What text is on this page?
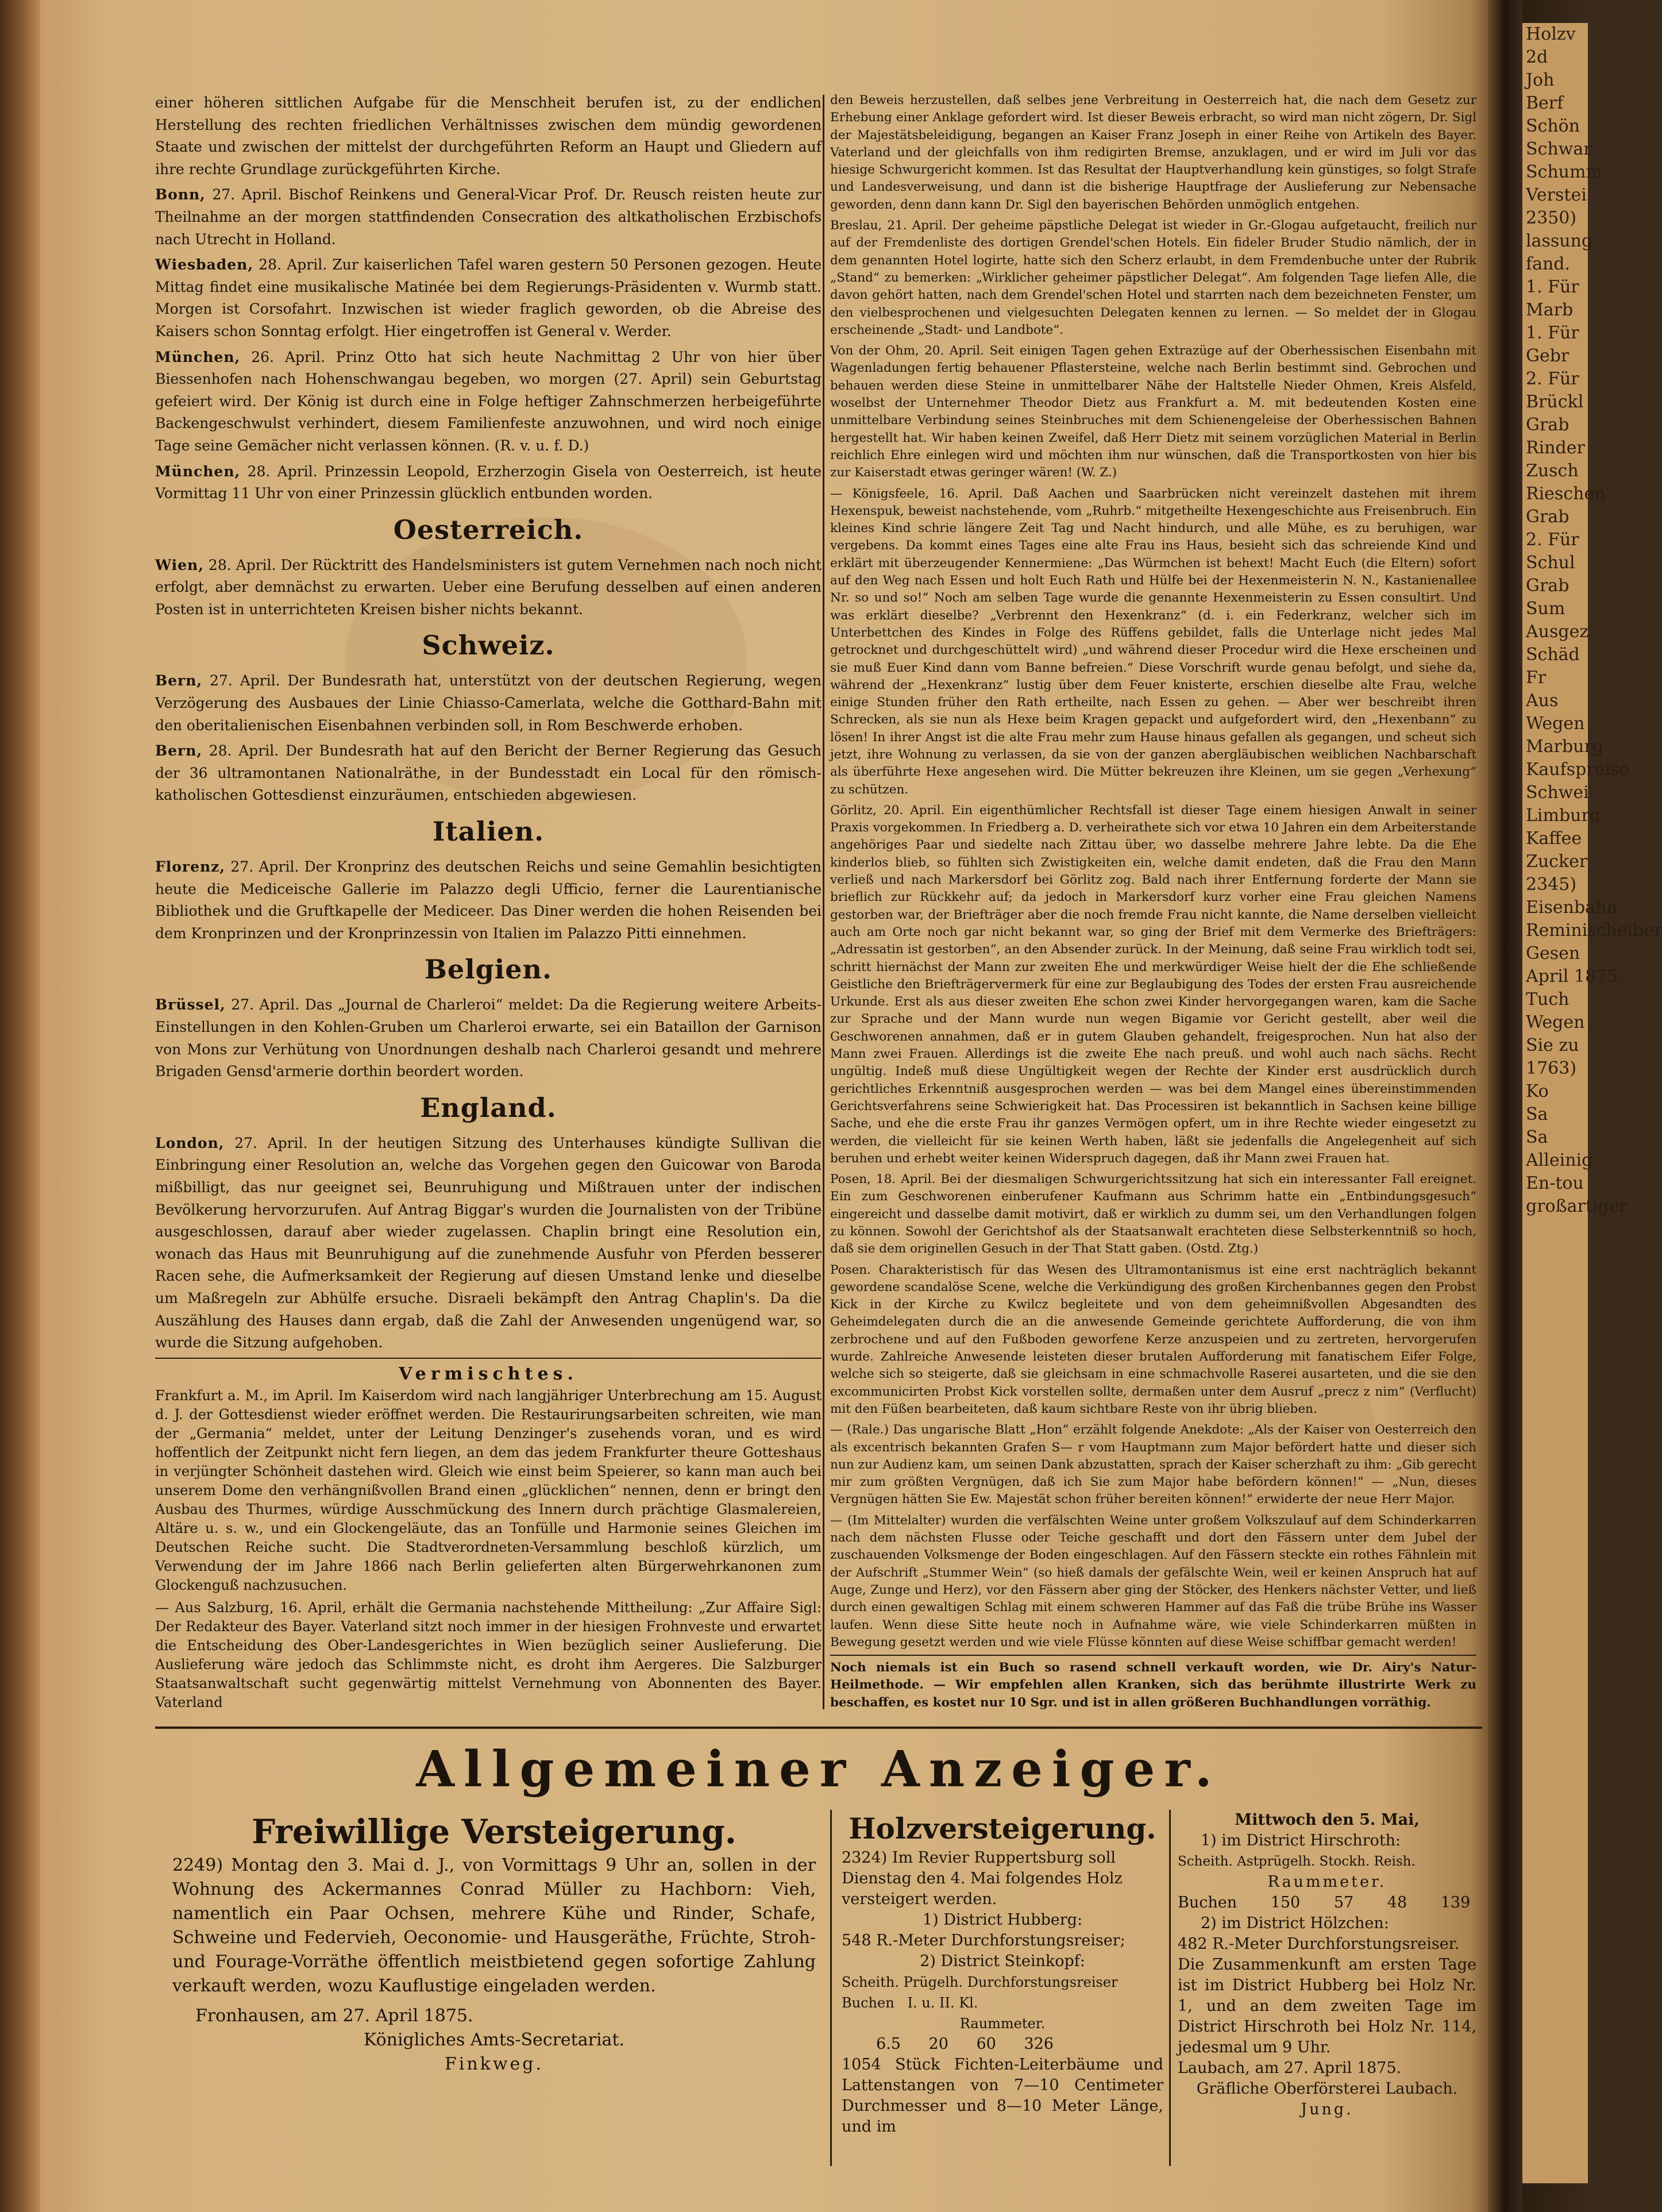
einer höheren sittlichen Aufgabe für die Menschheit berufen ist, zu der endlichen Herstellung des rechten friedlichen Verhältnisses zwischen dem mündig gewordenen Staate und zwischen der mittelst der durchgeführten Reform an Haupt und Gliedern auf ihre rechte Grundlage zurückgeführten Kirche.
Bonn, 27. April. Bischof Reinkens und General-Vicar Prof. Dr. Reusch reisten heute zur Theilnahme an der morgen stattfindenden Consecration des altkatholischen Erzbischofs nach Utrecht in Holland.
Wiesbaden, 28. April. Zur kaiserlichen Tafel waren gestern 50 Personen gezogen. Heute Mittag findet eine musikalische Matinée bei dem Regierungs-Präsidenten v. Wurmb statt. Morgen ist Corsofahrt. Inzwischen ist wieder fraglich geworden, ob die Abreise des Kaisers schon Sonntag erfolgt. Hier eingetroffen ist General v. Werder.
München, 26. April. Prinz Otto hat sich heute Nachmittag 2 Uhr von hier über Biessenhofen nach Hohenschwangau begeben, wo morgen (27. April) sein Geburtstag gefeiert wird. Der König ist durch eine in Folge heftiger Zahnschmerzen herbeigeführte Backengeschwulst verhindert, diesem Familienfeste anzuwohnen, und wird noch einige Tage seine Gemächer nicht verlassen können. (R. v. u. f. D.)
München, 28. April. Prinzessin Leopold, Erzherzogin Gisela von Oesterreich, ist heute Vormittag 11 Uhr von einer Prinzessin glücklich entbunden worden.
Oesterreich.
Wien, 28. April. Der Rücktritt des Handelsministers ist gutem Vernehmen nach noch nicht erfolgt, aber demnächst zu erwarten. Ueber eine Berufung desselben auf einen anderen Posten ist in unterrichteten Kreisen bisher nichts bekannt.
Schweiz.
Bern, 27. April. Der Bundesrath hat, unterstützt von der deutschen Regierung, wegen Verzögerung des Ausbaues der Linie Chiasso-Camerlata, welche die Gotthard-Bahn mit den oberitalienischen Eisenbahnen verbinden soll, in Rom Beschwerde erhoben.
Bern, 28. April. Der Bundesrath hat auf den Bericht der Berner Regierung das Gesuch der 36 ultramontanen Nationalräthe, in der Bundesstadt ein Local für den römisch-katholischen Gottesdienst einzuräumen, entschieden abgewiesen.
Italien.
Florenz, 27. April. Der Kronprinz des deutschen Reichs und seine Gemahlin besichtigten heute die Mediceische Gallerie im Palazzo degli Ufficio, ferner die Laurentianische Bibliothek und die Gruftkapelle der Mediceer. Das Diner werden die hohen Reisenden bei dem Kronprinzen und der Kronprinzessin von Italien im Palazzo Pitti einnehmen.
Belgien.
Brüssel, 27. April. Das „Journal de Charleroi“ meldet: Da die Regierung weitere Arbeits-Einstellungen in den Kohlen-Gruben um Charleroi erwarte, sei ein Bataillon der Garnison von Mons zur Verhütung von Unordnungen deshalb nach Charleroi gesandt und mehrere Brigaden Gensd'armerie dorthin beordert worden.
England.
London, 27. April. In der heutigen Sitzung des Unterhauses kündigte Sullivan die Einbringung einer Resolution an, welche das Vorgehen gegen den Guicowar von Baroda mißbilligt, das nur geeignet sei, Beunruhigung und Mißtrauen unter der indischen Bevölkerung hervorzurufen. Auf Antrag Biggar's wurden die Journalisten von der Tribüne ausgeschlossen, darauf aber wieder zugelassen. Chaplin bringt eine Resolution ein, wonach das Haus mit Beunruhigung auf die zunehmende Ausfuhr von Pferden besserer Racen sehe, die Aufmerksamkeit der Regierung auf diesen Umstand lenke und dieselbe um Maßregeln zur Abhülfe ersuche. Disraeli bekämpft den Antrag Chaplin's. Da die Auszählung des Hauses dann ergab, daß die Zahl der Anwesenden ungenügend war, so wurde die Sitzung aufgehoben.
Vermischtes.
Frankfurt a. M., im April. Im Kaiserdom wird nach langjähriger Unterbrechung am 15. August d. J. der Gottesdienst wieder eröffnet werden. Die Restaurirungsarbeiten schreiten, wie man der „Germania“ meldet, unter der Leitung Denzinger's zusehends voran, und es wird hoffentlich der Zeitpunkt nicht fern liegen, an dem das jedem Frankfurter theure Gotteshaus in verjüngter Schönheit dastehen wird. Gleich wie einst beim Speierer, so kann man auch bei unserem Dome den verhängnißvollen Brand einen „glücklichen“ nennen, denn er bringt den Ausbau des Thurmes, würdige Ausschmückung des Innern durch prächtige Glasmalereien, Altäre u. s. w., und ein Glockengeläute, das an Tonfülle und Harmonie seines Gleichen im Deutschen Reiche sucht. Die Stadtverordneten-Versammlung beschloß kürzlich, um Verwendung der im Jahre 1866 nach Berlin gelieferten alten Bürgerwehrkanonen zum Glockenguß nachzusuchen.
— Aus Salzburg, 16. April, erhält die Germania nachstehende Mittheilung: „Zur Affaire Sigl: Der Redakteur des Bayer. Vaterland sitzt noch immer in der hiesigen Frohnveste und erwartet die Entscheidung des Ober-Landesgerichtes in Wien bezüglich seiner Auslieferung. Die Auslieferung wäre jedoch das Schlimmste nicht, es droht ihm Aergeres. Die Salzburger Staatsanwaltschaft sucht gegenwärtig mittelst Vernehmung von Abonnenten des Bayer. Vaterland
den Beweis herzustellen, daß selbes jene Verbreitung in Oesterreich hat, die nach dem Gesetz zur Erhebung einer Anklage gefordert wird. Ist dieser Beweis erbracht, so wird man nicht zögern, Dr. Sigl der Majestätsbeleidigung, begangen an Kaiser Franz Joseph in einer Reihe von Artikeln des Bayer. Vaterland und der gleichfalls von ihm redigirten Bremse, anzuklagen, und er wird im Juli vor das hiesige Schwurgericht kommen. Ist das Resultat der Hauptverhandlung kein günstiges, so folgt Strafe und Landesverweisung, und dann ist die bisherige Hauptfrage der Auslieferung zur Nebensache geworden, denn dann kann Dr. Sigl den bayerischen Behörden unmöglich entgehen.
Breslau, 21. April. Der geheime päpstliche Delegat ist wieder in Gr.-Glogau aufgetaucht, freilich nur auf der Fremdenliste des dortigen Grendel'schen Hotels. Ein fideler Bruder Studio nämlich, der in dem genannten Hotel logirte, hatte sich den Scherz erlaubt, in dem Fremdenbuche unter der Rubrik „Stand“ zu bemerken: „Wirklicher geheimer päpstlicher Delegat“. Am folgenden Tage liefen Alle, die davon gehört hatten, nach dem Grendel'schen Hotel und starrten nach dem bezeichneten Fenster, um den vielbesprochenen und vielgesuchten Delegaten kennen zu lernen. — So meldet der in Glogau erscheinende „Stadt- und Landbote“.
Von der Ohm, 20. April. Seit einigen Tagen gehen Extrazüge auf der Oberhessischen Eisenbahn mit Wagenladungen fertig behauener Pflastersteine, welche nach Berlin bestimmt sind. Gebrochen und behauen werden diese Steine in unmittelbarer Nähe der Haltstelle Nieder Ohmen, Kreis Alsfeld, woselbst der Unternehmer Theodor Dietz aus Frankfurt a. M. mit bedeutenden Kosten eine unmittelbare Verbindung seines Steinbruches mit dem Schienengeleise der Oberhessischen Bahnen hergestellt hat. Wir haben keinen Zweifel, daß Herr Dietz mit seinem vorzüglichen Material in Berlin reichlich Ehre einlegen wird und möchten ihm nur wünschen, daß die Transportkosten von hier bis zur Kaiserstadt etwas geringer wären! (W. Z.)
— Königsfeele, 16. April. Daß Aachen und Saarbrücken nicht vereinzelt dastehen mit ihrem Hexenspuk, beweist nachstehende, vom „Ruhrb.“ mitgetheilte Hexengeschichte aus Freisenbruch. Ein kleines Kind schrie längere Zeit Tag und Nacht hindurch, und alle Mühe, es zu beruhigen, war vergebens. Da kommt eines Tages eine alte Frau ins Haus, besieht sich das schreiende Kind und erklärt mit überzeugender Kennermiene: „Das Würmchen ist behext! Macht Euch (die Eltern) sofort auf den Weg nach Essen und holt Euch Rath und Hülfe bei der Hexenmeisterin N. N., Kastanienallee Nr. so und so!“ Noch am selben Tage wurde die genannte Hexenmeisterin zu Essen consultirt. Und was erklärt dieselbe? „Verbrennt den Hexenkranz“ (d. i. ein Federkranz, welcher sich im Unterbettchen des Kindes in Folge des Rüffens gebildet, falls die Unterlage nicht jedes Mal getrocknet und durchgeschüttelt wird) „und während dieser Procedur wird die Hexe erscheinen und sie muß Euer Kind dann vom Banne befreien.“ Diese Vorschrift wurde genau befolgt, und siehe da, während der „Hexenkranz“ lustig über dem Feuer knisterte, erschien dieselbe alte Frau, welche einige Stunden früher den Rath ertheilte, nach Essen zu gehen. — Aber wer beschreibt ihren Schrecken, als sie nun als Hexe beim Kragen gepackt und aufgefordert wird, den „Hexenbann“ zu lösen! In ihrer Angst ist die alte Frau mehr zum Hause hinaus gefallen als gegangen, und scheut sich jetzt, ihre Wohnung zu verlassen, da sie von der ganzen abergläubischen weiblichen Nachbarschaft als überführte Hexe angesehen wird. Die Mütter bekreuzen ihre Kleinen, um sie gegen „Verhexung“ zu schützen.
Görlitz, 20. April. Ein eigenthümlicher Rechtsfall ist dieser Tage einem hiesigen Anwalt in seiner Praxis vorgekommen. In Friedberg a. D. verheirathete sich vor etwa 10 Jahren ein dem Arbeiterstande angehöriges Paar und siedelte nach Zittau über, wo dasselbe mehrere Jahre lebte. Da die Ehe kinderlos blieb, so fühlten sich Zwistigkeiten ein, welche damit endeten, daß die Frau den Mann verließ und nach Markersdorf bei Görlitz zog. Bald nach ihrer Entfernung forderte der Mann sie brieflich zur Rückkehr auf; da jedoch in Markersdorf kurz vorher eine Frau gleichen Namens gestorben war, der Briefträger aber die noch fremde Frau nicht kannte, die Name derselben vielleicht auch am Orte noch gar nicht bekannt war, so ging der Brief mit dem Vermerke des Briefträgers: „Adressatin ist gestorben“, an den Absender zurück. In der Meinung, daß seine Frau wirklich todt sei, schritt hiernächst der Mann zur zweiten Ehe und merkwürdiger Weise hielt der die Ehe schließende Geistliche den Briefträgervermerk für eine zur Beglaubigung des Todes der ersten Frau ausreichende Urkunde. Erst als aus dieser zweiten Ehe schon zwei Kinder hervorgegangen waren, kam die Sache zur Sprache und der Mann wurde nun wegen Bigamie vor Gericht gestellt, aber weil die Geschworenen annahmen, daß er in gutem Glauben gehandelt, freigesprochen. Nun hat also der Mann zwei Frauen. Allerdings ist die zweite Ehe nach preuß. und wohl auch nach sächs. Recht ungültig. Indeß muß diese Ungültigkeit wegen der Rechte der Kinder erst ausdrücklich durch gerichtliches Erkenntniß ausgesprochen werden — was bei dem Mangel eines übereinstimmenden Gerichtsverfahrens seine Schwierigkeit hat. Das Processiren ist bekanntlich in Sachsen keine billige Sache, und ehe die erste Frau ihr ganzes Vermögen opfert, um in ihre Rechte wieder eingesetzt zu werden, die vielleicht für sie keinen Werth haben, läßt sie jedenfalls die Angelegenheit auf sich beruhen und erhebt weiter keinen Widerspruch dagegen, daß ihr Mann zwei Frauen hat.
Posen, 18. April. Bei der diesmaligen Schwurgerichtssitzung hat sich ein interessanter Fall ereignet. Ein zum Geschworenen einberufener Kaufmann aus Schrimm hatte ein „Entbindungsgesuch“ eingereicht und dasselbe damit motivirt, daß er wirklich zu dumm sei, um den Verhandlungen folgen zu können. Sowohl der Gerichtshof als der Staatsanwalt erachteten diese Selbsterkenntniß so hoch, daß sie dem originellen Gesuch in der That Statt gaben. (Ostd. Ztg.)
Posen. Charakteristisch für das Wesen des Ultramontanismus ist eine erst nachträglich bekannt gewordene scandalöse Scene, welche die Verkündigung des großen Kirchenbannes gegen den Probst Kick in der Kirche zu Kwilcz begleitete und von dem geheimnißvollen Abgesandten des Geheimdelegaten durch die an die anwesende Gemeinde gerichtete Aufforderung, die von ihm zerbrochene und auf den Fußboden geworfene Kerze anzuspeien und zu zertreten, hervorgerufen wurde. Zahlreiche Anwesende leisteten dieser brutalen Aufforderung mit fanatischem Eifer Folge, welche sich so steigerte, daß sie gleichsam in eine schmachvolle Raserei ausarteten, und die sie den excommunicirten Probst Kick vorstellen sollte, dermaßen unter dem Ausruf „precz z nim“ (Verflucht) mit den Füßen bearbeiteten, daß kaum sichtbare Reste von ihr übrig blieben.
— (Rale.) Das ungarische Blatt „Hon“ erzählt folgende Anekdote: „Als der Kaiser von Oesterreich den als excentrisch bekannten Grafen S— r vom Hauptmann zum Major befördert hatte und dieser sich nun zur Audienz kam, um seinen Dank abzustatten, sprach der Kaiser scherzhaft zu ihm: „Gib gerecht mir zum größten Vergnügen, daß ich Sie zum Major habe befördern können!“ — „Nun, dieses Vergnügen hätten Sie Ew. Majestät schon früher bereiten können!“ erwiderte der neue Herr Major.
— (Im Mittelalter) wurden die verfälschten Weine unter großem Volkszulauf auf dem Schinderkarren nach dem nächsten Flusse oder Teiche geschafft und dort den Fässern unter dem Jubel der zuschauenden Volksmenge der Boden eingeschlagen. Auf den Fässern steckte ein rothes Fähnlein mit der Aufschrift „Stummer Wein“ (so hieß damals der gefälschte Wein, weil er keinen Anspruch hat auf Auge, Zunge und Herz), vor den Fässern aber ging der Stöcker, des Henkers nächster Vetter, und ließ durch einen gewaltigen Schlag mit einem schweren Hammer auf das Faß die trübe Brühe ins Wasser laufen. Wenn diese Sitte heute noch in Aufnahme wäre, wie viele Schinderkarren müßten in Bewegung gesetzt werden und wie viele Flüsse könnten auf diese Weise schiffbar gemacht werden!
Noch niemals ist ein Buch so rasend schnell verkauft worden, wie Dr. Airy's Natur-Heilmethode. — Wir empfehlen allen Kranken, sich das berühmte illustrirte Werk zu beschaffen, es kostet nur 10 Sgr. und ist in allen größeren Buchhandlungen vorräthig.
Allgemeiner Anzeiger.
Freiwillige Versteigerung.
2249) Montag den 3. Mai d. J., von Vormittags 9 Uhr an, sollen in der Wohnung des Ackermannes Conrad Müller zu Hachborn: Vieh, namentlich ein Paar Ochsen, mehrere Kühe und Rinder, Schafe, Schweine und Federvieh, Oeconomie- und Hausgeräthe, Früchte, Stroh- und Fourage-Vorräthe öffentlich meistbietend gegen sofortige Zahlung verkauft werden, wozu Kauflustige eingeladen werden.
Fronhausen, am 27. April 1875.
Königliches Amts-Secretariat.
Finkweg.
Holzversteigerung.
2324) Im Revier Ruppertsburg soll Dienstag den 4. Mai folgendes Holz versteigert werden.
1) District Hubberg:
548 R.-Meter Durchforstungsreiser;
2) District Steinkopf:
Scheith. Prügelh. Durchforstungsreiser
Buchen I. u. II. Kl.
Raummeter.
6.5 20 60 326
1054 Stück Fichten-Leiterbäume und Lattenstangen von 7—10 Centimeter Durchmesser und 8—10 Meter Länge, und im
Mittwoch den 5. Mai,
1) im District Hirschroth:
Scheith. Astprügelh. Stockh. Reish.
Raummeter.
Buchen 150 57 48 139
2) im District Hölzchen:
482 R.-Meter Durchforstungsreiser.
Die Zusammenkunft am ersten Tage ist im District Hubberg bei Holz Nr. 1, und an dem zweiten Tage im District Hirschroth bei Holz Nr. 114, jedesmal um 9 Uhr.
Laubach, am 27. April 1875.
Gräfliche Oberförsterei Laubach.
Jung.
Holzv
2d
Joh
Berf
Schön
Schwar
Schumm
Verstei
2350)
lassung
fand.
1. Für
Marb
1. Für
Gebr
2. Für
Brückl
Grab
Rinder
Zusch
Rieschen
Grab
2. Für
Schul
Grab
Sum
Ausgez
Schäd
Fr
Aus
Wegen
Marburg
Kaufspreise
Schwei
Limburg
Kaffee
Zucker
2345)
Eisenbahn
Reminischeiber
Gesen
April 1875.
Tuch
Wegen
Sie zu
1763)
Ko
Sa
Sa
Alleinig
En-tou
großartiger
